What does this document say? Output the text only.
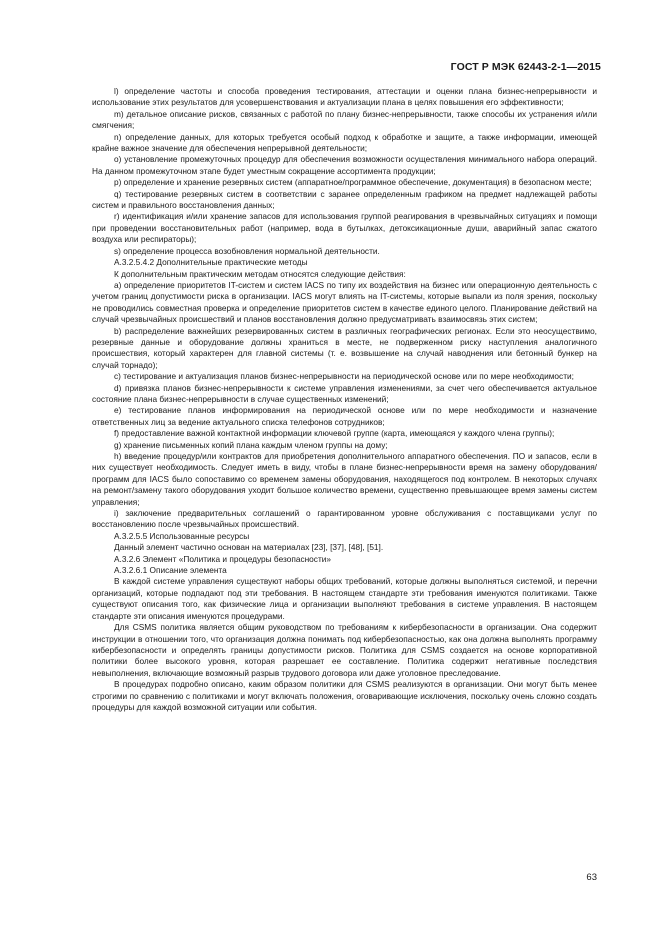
ГОСТ Р МЭК 62443-2-1—2015

l) определение частоты и способа проведения тестирования, аттестации и оценки плана бизнес-непрерывности и использование этих результатов для усовершенствования и актуализации плана в целях повышения его эффективности;

m) детальное описание рисков, связанных с работой по плану бизнес-непрерывности, также способы их устранения и/или смягчения;

n) определение данных, для которых требуется особый подход к обработке и защите, а также информации, имеющей крайне важное значение для обеспечения непрерывной деятельности;

o) установление промежуточных процедур для обеспечения возможности осуществления минимального набора операций. На данном промежуточном этапе будет уместным сокращение ассортимента продукции;

p) определение и хранение резервных систем (аппаратное/программное обеспечение, документация) в безопасном месте;

q) тестирование резервных систем в соответствии с заранее определенным графиком на предмет надлежащей работы систем и правильного восстановления данных;

r) идентификация и/или хранение запасов для использования группой реагирования в чрезвычайных ситуациях и помощи при проведении восстановительных работ (например, вода в бутылках, детоксикационные души, аварийный запас сжатого воздуха или респираторы);

s) определение процесса возобновления нормальной деятельности.

А.3.2.5.4.2 Дополнительные практические методы

К дополнительным практическим методам относятся следующие действия:

a) определение приоритетов IT-систем и систем IACS по типу их воздействия на бизнес или операционную деятельность с учетом границ допустимости риска в организации. IACS могут влиять на IT-системы, которые выпали из поля зрения, поскольку не проводились совместная проверка и определение приоритетов систем в качестве единого целого. Планирование действий на случай чрезвычайных происшествий и планов восстановления должно предусматривать взаимосвязь этих систем;

b) распределение важнейших резервированных систем в различных географических регионах. Если это неосуществимо, резервные данные и оборудование должны храниться в месте, не подверженном риску наступления аналогичного происшествия, который характерен для главной системы (т. е. возвышение на случай наводнения или бетонный бункер на случай торнадо);

c) тестирование и актуализация планов бизнес-непрерывности на периодической основе или по мере необходимости;

d) привязка планов бизнес-непрерывности к системе управления изменениями, за счет чего обеспечивается актуальное состояние плана бизнес-непрерывности в случае существенных изменений;

e) тестирование планов информирования на периодической основе или по мере необходимости и назначение ответственных лиц за ведение актуального списка телефонов сотрудников;

f) предоставление важной контактной информации ключевой группе (карта, имеющаяся у каждого члена группы);

g) хранение письменных копий плана каждым членом группы на дому;

h) введение процедур/или контрактов для приобретения дополнительного аппаратного обеспечения. ПО и запасов, если в них существует необходимость. Следует иметь в виду, чтобы в плане бизнес-непрерывности время на замену оборудования/программ для IACS было сопоставимо со временем замены оборудования, находящегося под контролем. В некоторых случаях на ремонт/замену такого оборудования уходит большое количество времени, существенно превышающее время замены систем управления;

i) заключение предварительных соглашений о гарантированном уровне обслуживания с поставщиками услуг по восстановлению после чрезвычайных происшествий.

А.3.2.5.5 Использованные ресурсы

Данный элемент частично основан на материалах [23], [37], [48], [51].

А.3.2.6 Элемент «Политика и процедуры безопасности»

А.3.2.6.1 Описание элемента

В каждой системе управления существуют наборы общих требований, которые должны выполняться системой, и перечни организаций, которые подпадают под эти требования. В настоящем стандарте эти требования именуются политиками. Также существуют описания того, как физические лица и организации выполняют требования в системе управления. В настоящем стандарте эти описания именуются процедурами.

Для CSMS политика является общим руководством по требованиям к кибербезопасности в организации. Она содержит инструкции в отношении того, что организация должна понимать под кибербезопасностью, как она должна выполнять программу кибербезопасности и определять границы допустимости рисков. Политика для CSMS создается на основе корпоративной политики более высокого уровня, которая разрешает ее составление. Политика содержит негативные последствия невыполнения, включающие возможный разрыв трудового договора или даже уголовное преследование.

В процедурах подробно описано, каким образом политики для CSMS реализуются в организации. Они могут быть менее строгими по сравнению с политиками и могут включать положения, оговаривающие исключения, поскольку очень сложно создать процедуры для каждой возможной ситуации или события.

63
